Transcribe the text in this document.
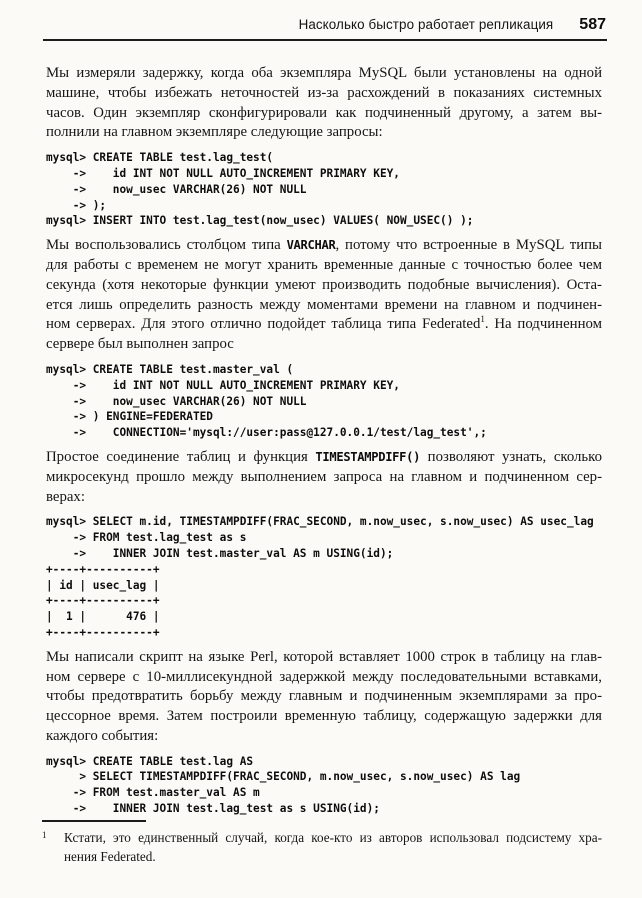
Насколько быстро работает репликация 587

Мы измеряли задержку, когда оба экземпляра MySQL были установлены на одной
машине, чтобы избежать неточностей из-за расхождений в показаниях системных
часов. Один экземпляр сконфигурировали как подчиненный другому, а затем вы-
полнили на главном экземпляре следующие запросы:

mysql> CREATE TABLE test.lag_test(
->    id INT NOT NULL AUTO_INCREMENT PRIMARY KEY,
->    now_usec VARCHAR(26) NOT NULL
-> );
mysql> INSERT INTO test.lag_test(now_usec) VALUES( NOW_USEC() );

Мы воспользовались столбцом типа VARCHAR, потому что встроенные в MySQL типы
для работы с временем не могут хранить временные данные с точностью более чем
секунда (хотя некоторые функции умеют производить подобные вычисления). Оста-
ется лишь определить разность между моментами времени на главном и подчинен-
ном серверах. Для этого отлично подойдет таблица типа Federated$^1$. На подчиненном
сервере был выполнен запрос

mysql> CREATE TABLE test.master_val (
->    id INT NOT NULL AUTO_INCREMENT PRIMARY KEY,
->    now_usec VARCHAR(26) NOT NULL
-> ) ENGINE=FEDERATED
->    CONNECTION='mysql://user:pass@127.0.0.1/test/lag_test',;

Простое соединение таблиц и функция TIMESTAMPDIFF() позволяют узнать, сколько
микросекунд прошло между выполнением запроса на главном и подчиненном сер-
верах:

mysql> SELECT m.id, TIMESTAMPDIFF(FRAC_SECOND, m.now_usec, s.now_usec) AS usec_lag
-> FROM test.lag_test as s
->    INNER JOIN test.master_val AS m USING(id);
+----+----------+
| id | usec_lag |
+----+----------+
|  1 |      476 |
+----+----------+

Мы написали скрипт на языке Perl, которой вставляет 1000 строк в таблицу на глав-
ном сервере с 10-миллисекундной задержкой между последовательными вставками,
чтобы предотвратить борьбу между главным и подчиненным экземплярами за про-
цессорное время. Затем построили временную таблицу, содержащую задержки для
каждого события:

mysql> CREATE TABLE test.lag AS
> SELECT TIMESTAMPDIFF(FRAC_SECOND, m.now_usec, s.now_usec) AS lag
-> FROM test.master_val AS m
->    INNER JOIN test.lag_test as s USING(id);
1 Кстати, это единственный случай, когда кое-кто из авторов использовал подсистему хра-
нения Federated.
